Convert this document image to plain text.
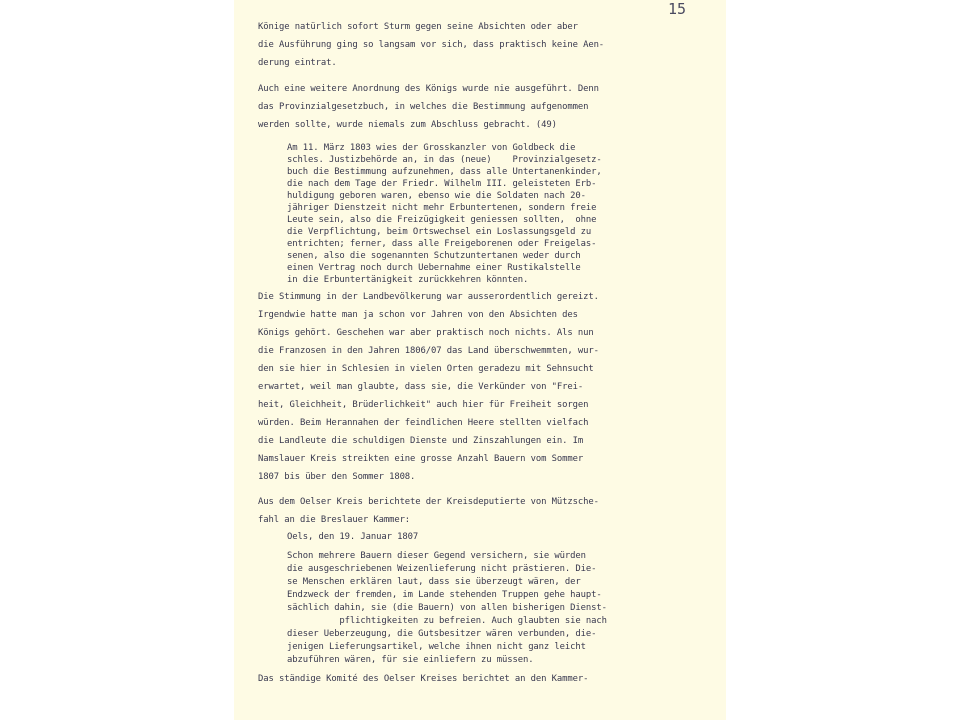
15
Könige natürlich sofort Sturm gegen seine Absichten oder aber
die Ausführung ging so langsam vor sich, dass praktisch keine Aen-
derung eintrat.
Auch eine weitere Anordnung des Königs wurde nie ausgeführt. Denn
das Provinzialgesetzbuch, in welches die Bestimmung aufgenommen
werden sollte, wurde niemals zum Abschluss gebracht. (49)
Am 11. März 1803 wies der Grosskanzler von Goldbeck die
schles. Justizbehörde an, in das (neue)    Provinzialgesetz-
buch die Bestimmung aufzunehmen, dass alle Untertanenkinder,
die nach dem Tage der Friedr. Wilhelm III. geleisteten Erb-
huldigung geboren waren, ebenso wie die Soldaten nach 20-
jähriger Dienstzeit nicht mehr Erbuntertenen, sondern freie
Leute sein, also die Freizügigkeit geniessen sollten,  ohne
die Verpflichtung, beim Ortswechsel ein Loslassungsgeld zu
entrichten; ferner, dass alle Freigeborenen oder Freigelas-
senen, also die sogenannten Schutzuntertanen weder durch
einen Vertrag noch durch Uebernahme einer Rustikalstelle
in die Erbuntertänigkeit zurückkehren könnten.
Die Stimmung in der Landbevölkerung war ausserordentlich gereizt.
Irgendwie hatte man ja schon vor Jahren von den Absichten des
Königs gehört. Geschehen war aber praktisch noch nichts. Als nun
die Franzosen in den Jahren 1806/07 das Land überschwemmten, wur-
den sie hier in Schlesien in vielen Orten geradezu mit Sehnsucht
erwartet, weil man glaubte, dass sie, die Verkünder von "Frei-
heit, Gleichheit, Brüderlichkeit" auch hier für Freiheit sorgen
würden. Beim Herannahen der feindlichen Heere stellten vielfach
die Landleute die schuldigen Dienste und Zinszahlungen ein. Im
Namslauer Kreis streikten eine grosse Anzahl Bauern vom Sommer
1807 bis über den Sommer 1808.
Aus dem Oelser Kreis berichtete der Kreisdeputierte von Mützsche-
fahl an die Breslauer Kammer:
Oels, den 19. Januar 1807
Schon mehrere Bauern dieser Gegend versichern, sie würden
die ausgeschriebenen Weizenlieferung nicht prästieren. Die-
se Menschen erklären laut, dass sie überzeugt wären, der
Endzweck der fremden, im Lande stehenden Truppen gehe haupt-
sächlich dahin, sie (die Bauern) von allen bisherigen Dienst-
pflichtigkeiten zu befreien. Auch glaubten sie nach
dieser Ueberzeugung, die Gutsbesitzer wären verbunden, die-
jenigen Lieferungsartikel, welche ihnen nicht ganz leicht
abzuführen wären, für sie einliefern zu müssen.
Das ständige Komité des Oelser Kreises berichtet an den Kammer-
